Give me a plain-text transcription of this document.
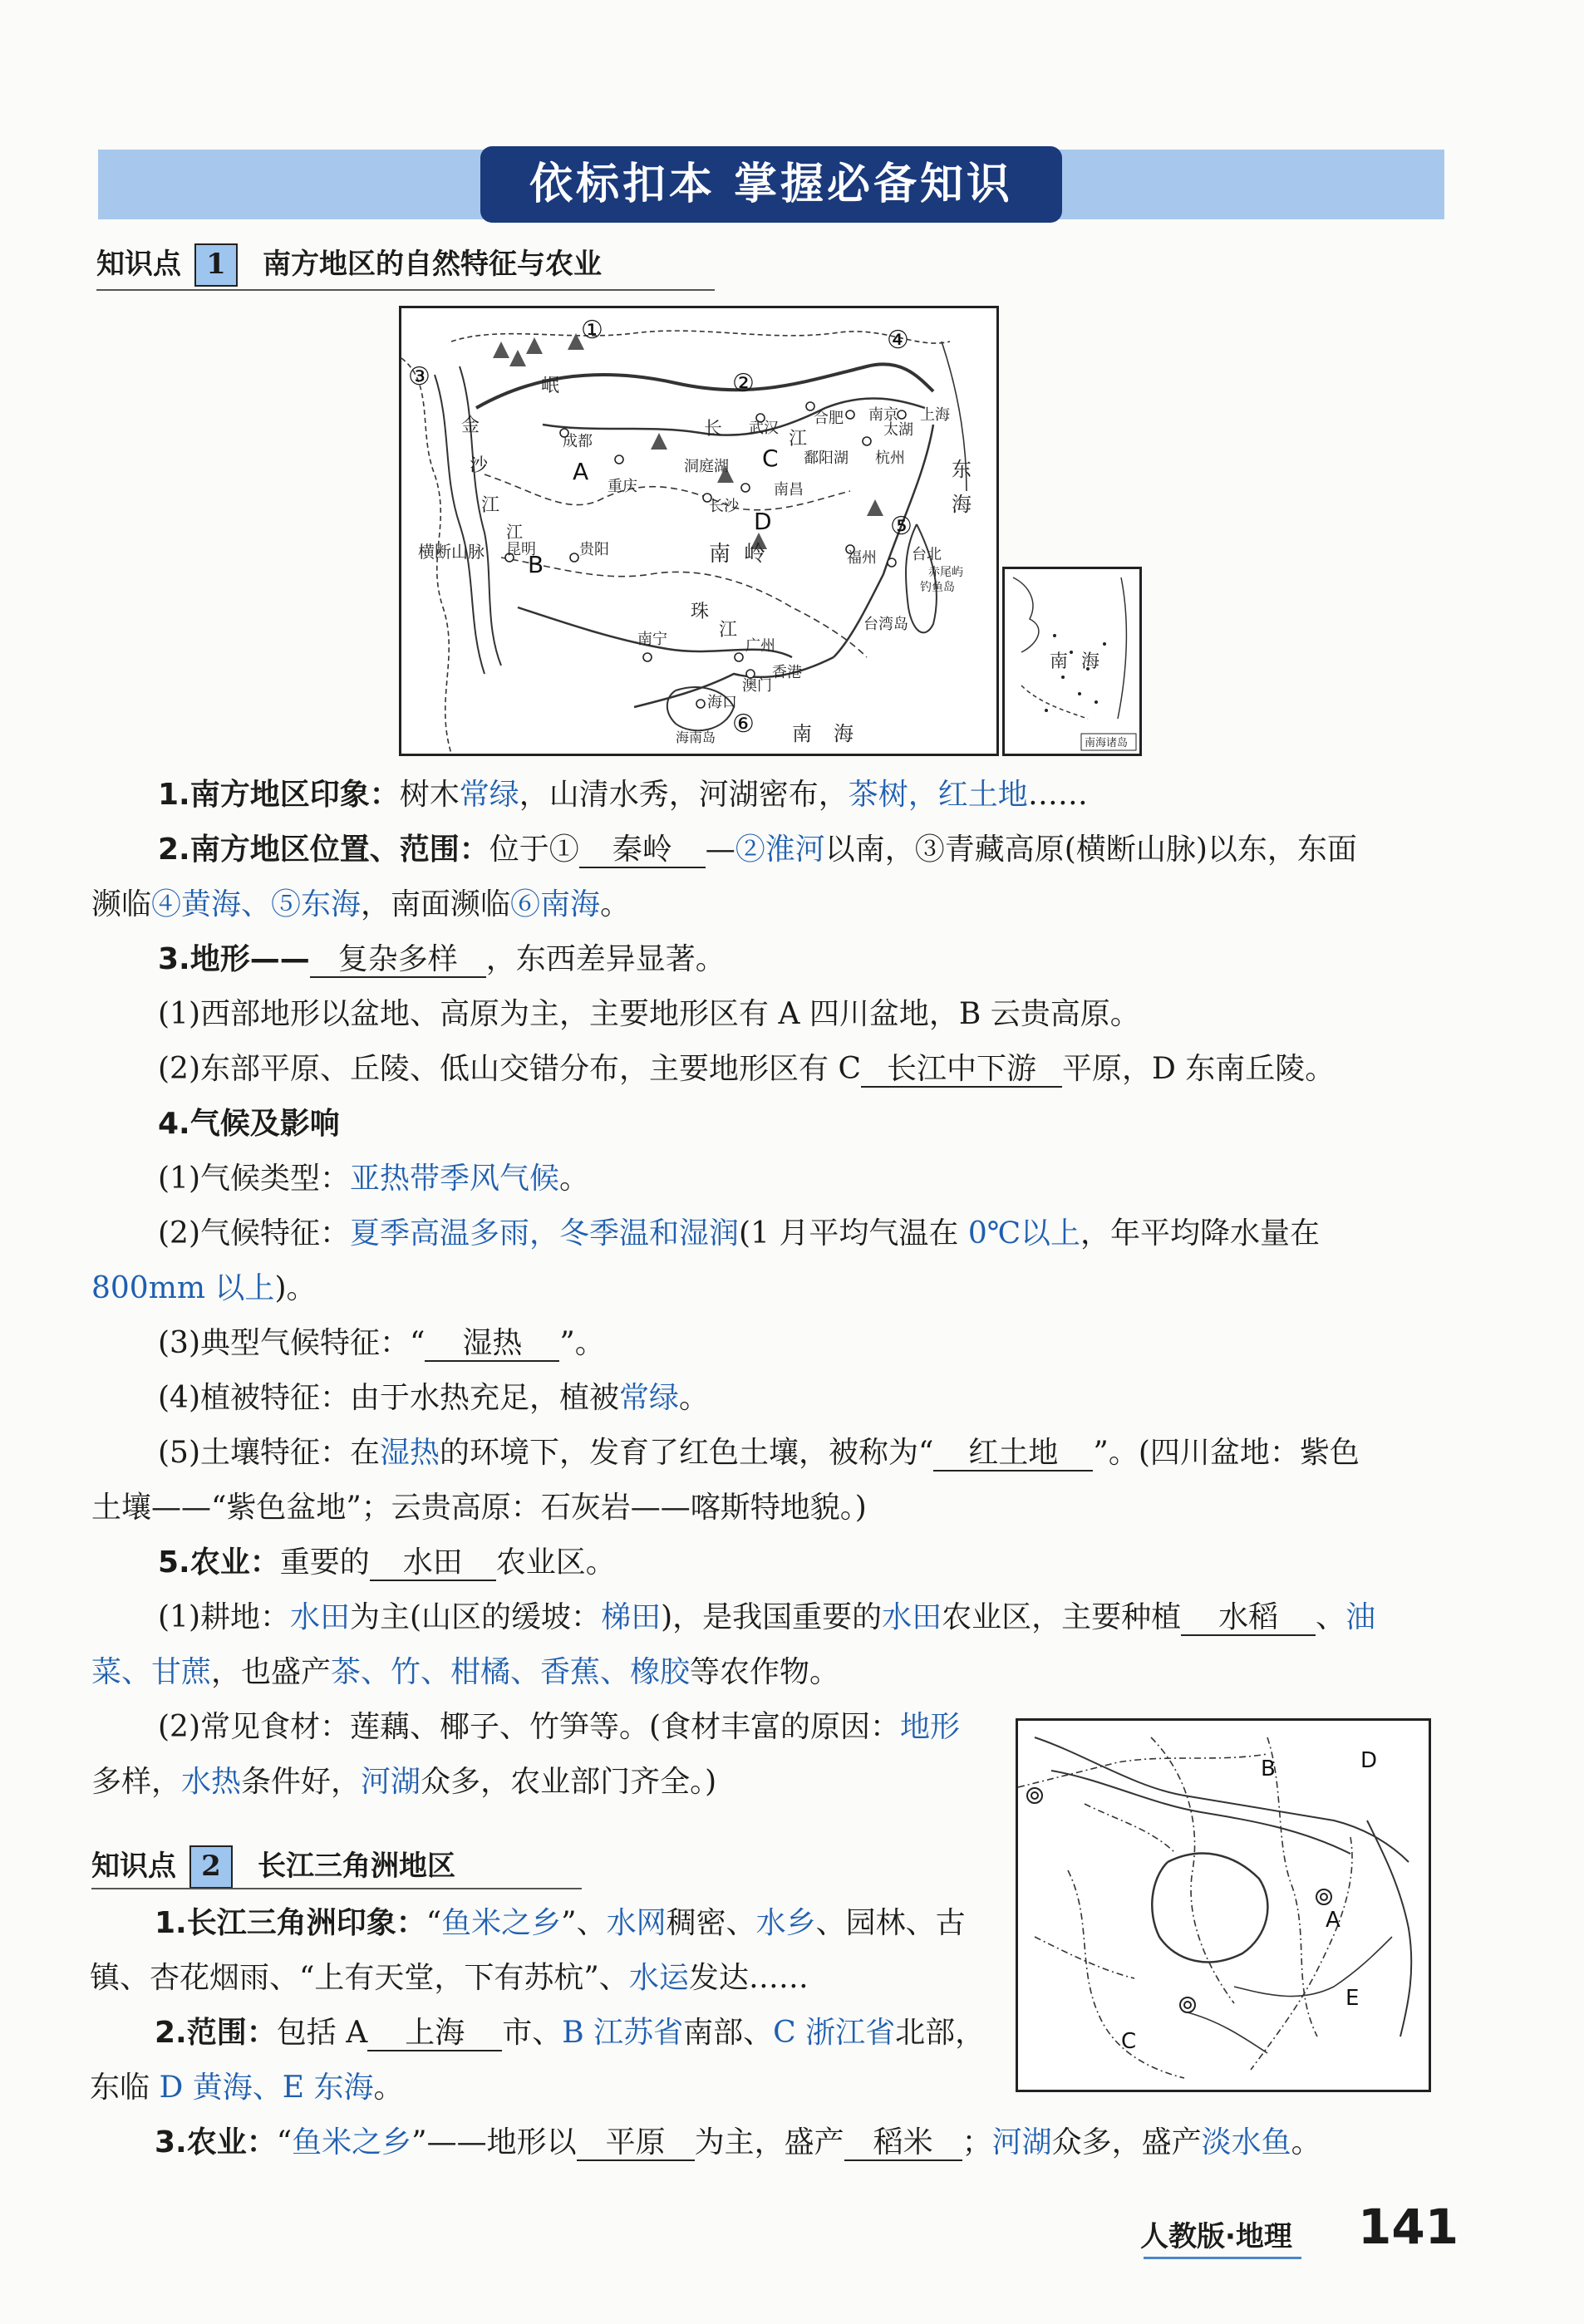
依标扣本 掌握必备知识
知识点 1 南方地区的自然特征与农业
①
②
③
④
⑤
⑥
A
B
C
D
上海
南京
合肥
武汉	太湖
杭州
成都
重庆
洞庭湖	鄱阳湖
南昌
长沙
昆明	贵阳	南 岭	福州 台北
台湾岛
南宁	广州
澳门
香港
海口
海南岛	南 海
东
海
长	江
珠
江
金
沙
江
岷
横断山脉
赤尾屿
钓鱼岛
江
南 海
南海诸岛
1.南方地区印象：树木常绿，山清水秀，河湖密布，茶树，红土地……
2.南方地区位置、范围：位于① 秦岭 —②淮河以南，③青藏高原(横断山脉)以东，东面
濒临④黄海、⑤东海，南面濒临⑥南海。
3.地形—— 复杂多样 ，东西差异显著。
(1)西部地形以盆地、高原为主，主要地形区有 A 四川盆地，B 云贵高原。
(2)东部平原、丘陵、低山交错分布，主要地形区有 C 长江中下游 平原，D 东南丘陵。
4.气候及影响
(1)气候类型：亚热带季风气候。
(2)气候特征：夏季高温多雨，冬季温和湿润(1 月平均气温在 0℃以上，年平均降水量在
800mm 以上)。
(3)典型气候特征：“ 湿热 ”。
(4)植被特征：由于水热充足，植被常绿。
(5)土壤特征：在湿热的环境下，发育了红色土壤，被称为“ 红土地 ”。(四川盆地：紫色
土壤——“紫色盆地”；云贵高原：石灰岩——喀斯特地貌。)
5.农业：重要的 水田 农业区。
(1)耕地：水田为主(山区的缓坡：梯田)，是我国重要的水田农业区，主要种植 水稻 、油
菜、甘蔗，也盛产茶、竹、柑橘、香蕉、橡胶等农作物。
(2)常见食材：莲藕、椰子、竹笋等。(食材丰富的原因：地形
多样，水热条件好，河湖众多，农业部门齐全。)	B	D
A
C
E
知识点 2 长江三角洲地区
1.长江三角洲印象：“鱼米之乡”、水网稠密、水乡、园林、古
镇、杏花烟雨、“上有天堂，下有苏杭”、水运发达……
2.范围：包括 A 上海 市、B 江苏省南部、C 浙江省北部，
东临 D 黄海、E 东海。
3.农业：“鱼米之乡”——地形以 平原 为主，盛产 稻米 ；河湖众多，盛产淡水鱼。
人教版·地理 141
